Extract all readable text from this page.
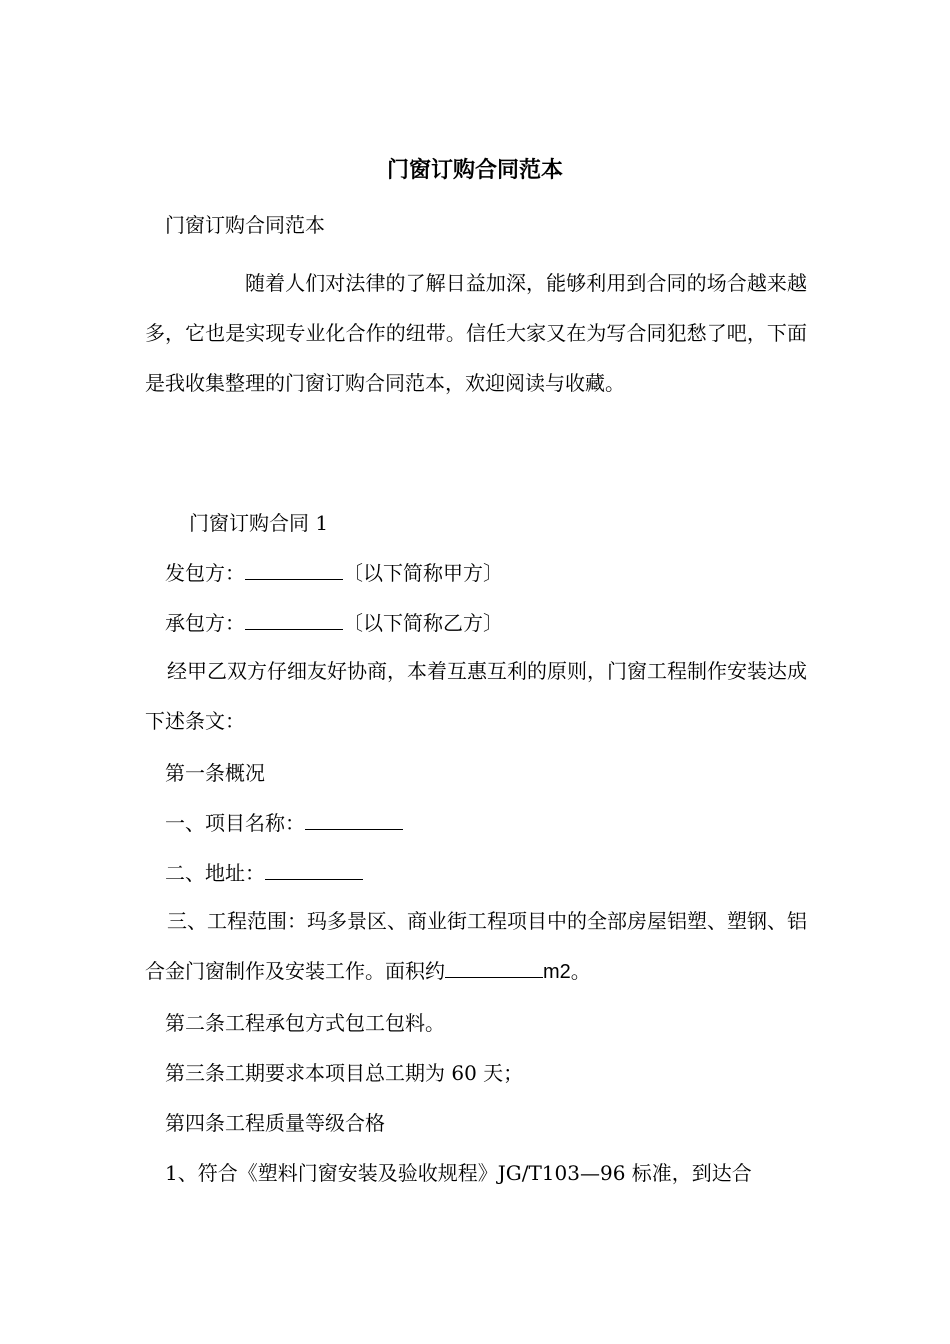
门窗订购合同范本
门窗订购合同范本
随着人们对法律的了解日益加深，能够利用到合同的场合越来越多，它也是实现专业化合作的纽带。信任大家又在为写合同犯愁了吧，下面是我收集整理的门窗订购合同范本，欢迎阅读与收藏。
门窗订购合同 1
发包方：	〔以下简称甲方〕
承包方：	〔以下简称乙方〕
经甲乙双方仔细友好协商，本着互惠互利的原则，门窗工程制作安装达成下述条文：
第一条概况
一、项目名称：
二、地址：
三、工程范围：玛多景区、商业街工程项目中的全部房屋铝塑、塑钢、铝合金门窗制作及安装工作。面积约	m2。
第二条工程承包方式包工包料。
第三条工期要求本项目总工期为 60 天；
第四条工程质量等级合格
1、符合《塑料门窗安装及验收规程》JG/T103—96 标准，到达合
